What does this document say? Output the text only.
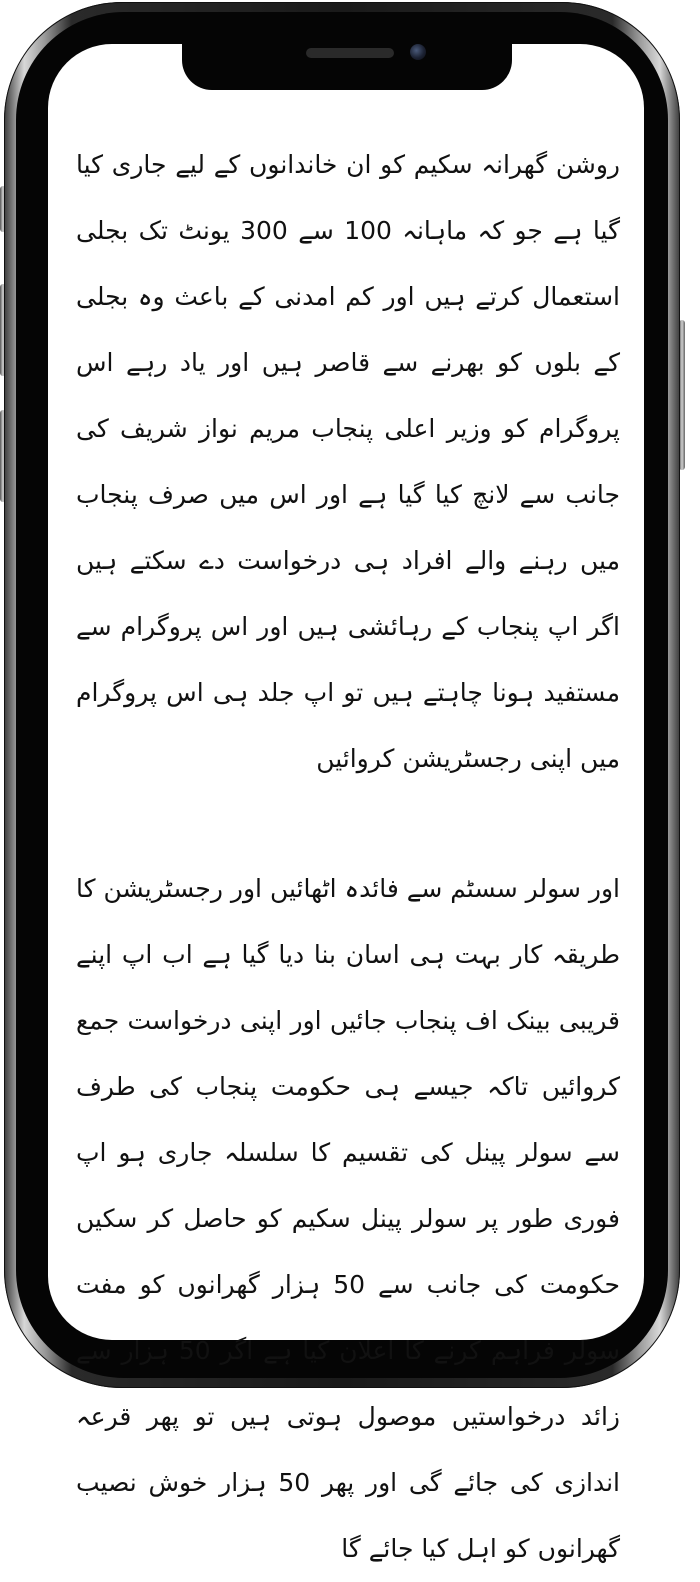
روشن گھرانہ سکیم کو ان خاندانوں کے لیے جاری کیا گیا ہے جو کہ ماہانہ 100 سے 300 یونٹ تک بجلی استعمال کرتے ہیں اور کم امدنی کے باعث وہ بجلی کے بلوں کو بھرنے سے قاصر ہیں اور یاد رہے اس پروگرام کو وزیر اعلی پنجاب مریم نواز شریف کی جانب سے لانچ کیا گیا ہے اور اس میں صرف پنجاب میں رہنے والے افراد ہی درخواست دے سکتے ہیں اگر اپ پنجاب کے رہائشی ہیں اور اس پروگرام سے مستفید ہونا چاہتے ہیں تو اپ جلد ہی اس پروگرام میں اپنی رجسٹریشن کروائیں

اور سولر سسٹم سے فائدہ اٹھائیں اور رجسٹریشن کا طریقہ کار بہت ہی اسان بنا دیا گیا ہے اب اپ اپنے قریبی بینک اف پنجاب جائیں اور اپنی درخواست جمع کروائیں تاکہ جیسے ہی حکومت پنجاب کی طرف سے سولر پینل کی تقسیم کا سلسلہ جاری ہو اپ فوری طور پر سولر پینل سکیم کو حاصل کر سکیں حکومت کی جانب سے 50 ہزار گھرانوں کو مفت سولر فراہم کرنے کا اعلان کیا ہے اگر 50 ہزار سے زائد درخواستیں موصول ہوتی ہیں تو پھر قرعہ اندازی کی جائے گی اور پھر 50 ہزار خوش نصیب گھرانوں کو اہل کیا جائے گا
